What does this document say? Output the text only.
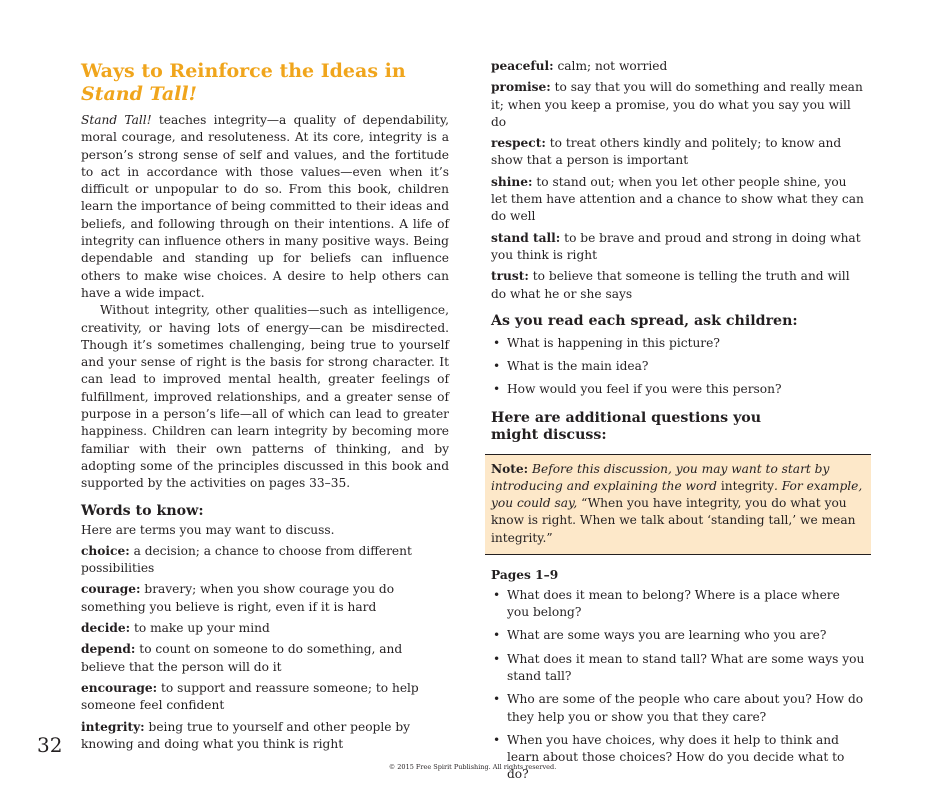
Ways to Reinforce the Ideas in
Stand Tall!

Stand Tall! teaches integrity—a quality of dependability, moral courage, and resoluteness. At its core, integrity is a person’s strong sense of self and values, and the fortitude to act in accordance with those values—even when it’s difficult or unpopular to do so. From this book, children learn the importance of being committed to their ideas and beliefs, and following through on their intentions. A life of integrity can influence others in many positive ways. Being dependable and standing up for beliefs can influence others to make wise choices. A desire to help others can have a wide impact.

Without integrity, other qualities—such as intelligence, creativity, or having lots of energy—can be misdirected. Though it’s sometimes challenging, being true to yourself and your sense of right is the basis for strong character. It can lead to improved mental health, greater feelings of fulfillment, improved relationships, and a greater sense of purpose in a person’s life—all of which can lead to greater happiness. Children can learn integrity by becoming more familiar with their own patterns of thinking, and by adopting some of the principles discussed in this book and supported by the activities on pages 33–35.

Words to know:

Here are terms you may want to discuss.

choice: a decision; a chance to choose from different possibilities

courage: bravery; when you show courage you do something you believe is right, even if it is hard

decide: to make up your mind

depend: to count on someone to do something, and believe that the person will do it

encourage: to support and reassure someone; to help someone feel confident

integrity: being true to yourself and other people by knowing and doing what you think is right

peaceful: calm; not worried

promise: to say that you will do something and really mean it; when you keep a promise, you do what you say you will do

respect: to treat others kindly and politely; to know and show that a person is important

shine: to stand out; when you let other people shine, you let them have attention and a chance to show what they can do well

stand tall: to be brave and proud and strong in doing what you think is right

trust: to believe that someone is telling the truth and will do what he or she says

As you read each spread, ask children:
• What is happening in this picture?
• What is the main idea?
• How would you feel if you were this person?
Here are additional questions you
might discuss:
Note: Before this discussion, you may want to start by introducing and explaining the word integrity. For example, you could say, “When you have integrity, you do what you know is right. When we talk about ‘standing tall,’ we mean integrity.”
Pages 1–9
• What does it mean to belong? Where is a place where you belong?
• What are some ways you are learning who you are?
• What does it mean to stand tall? What are some ways you stand tall?
• Who are some of the people who care about you? How do they help you or show you that they care?
• When you have choices, why does it help to think and learn about those choices? How do you decide what to do?
32
© 2015 Free Spirit Publishing. All rights reserved.
